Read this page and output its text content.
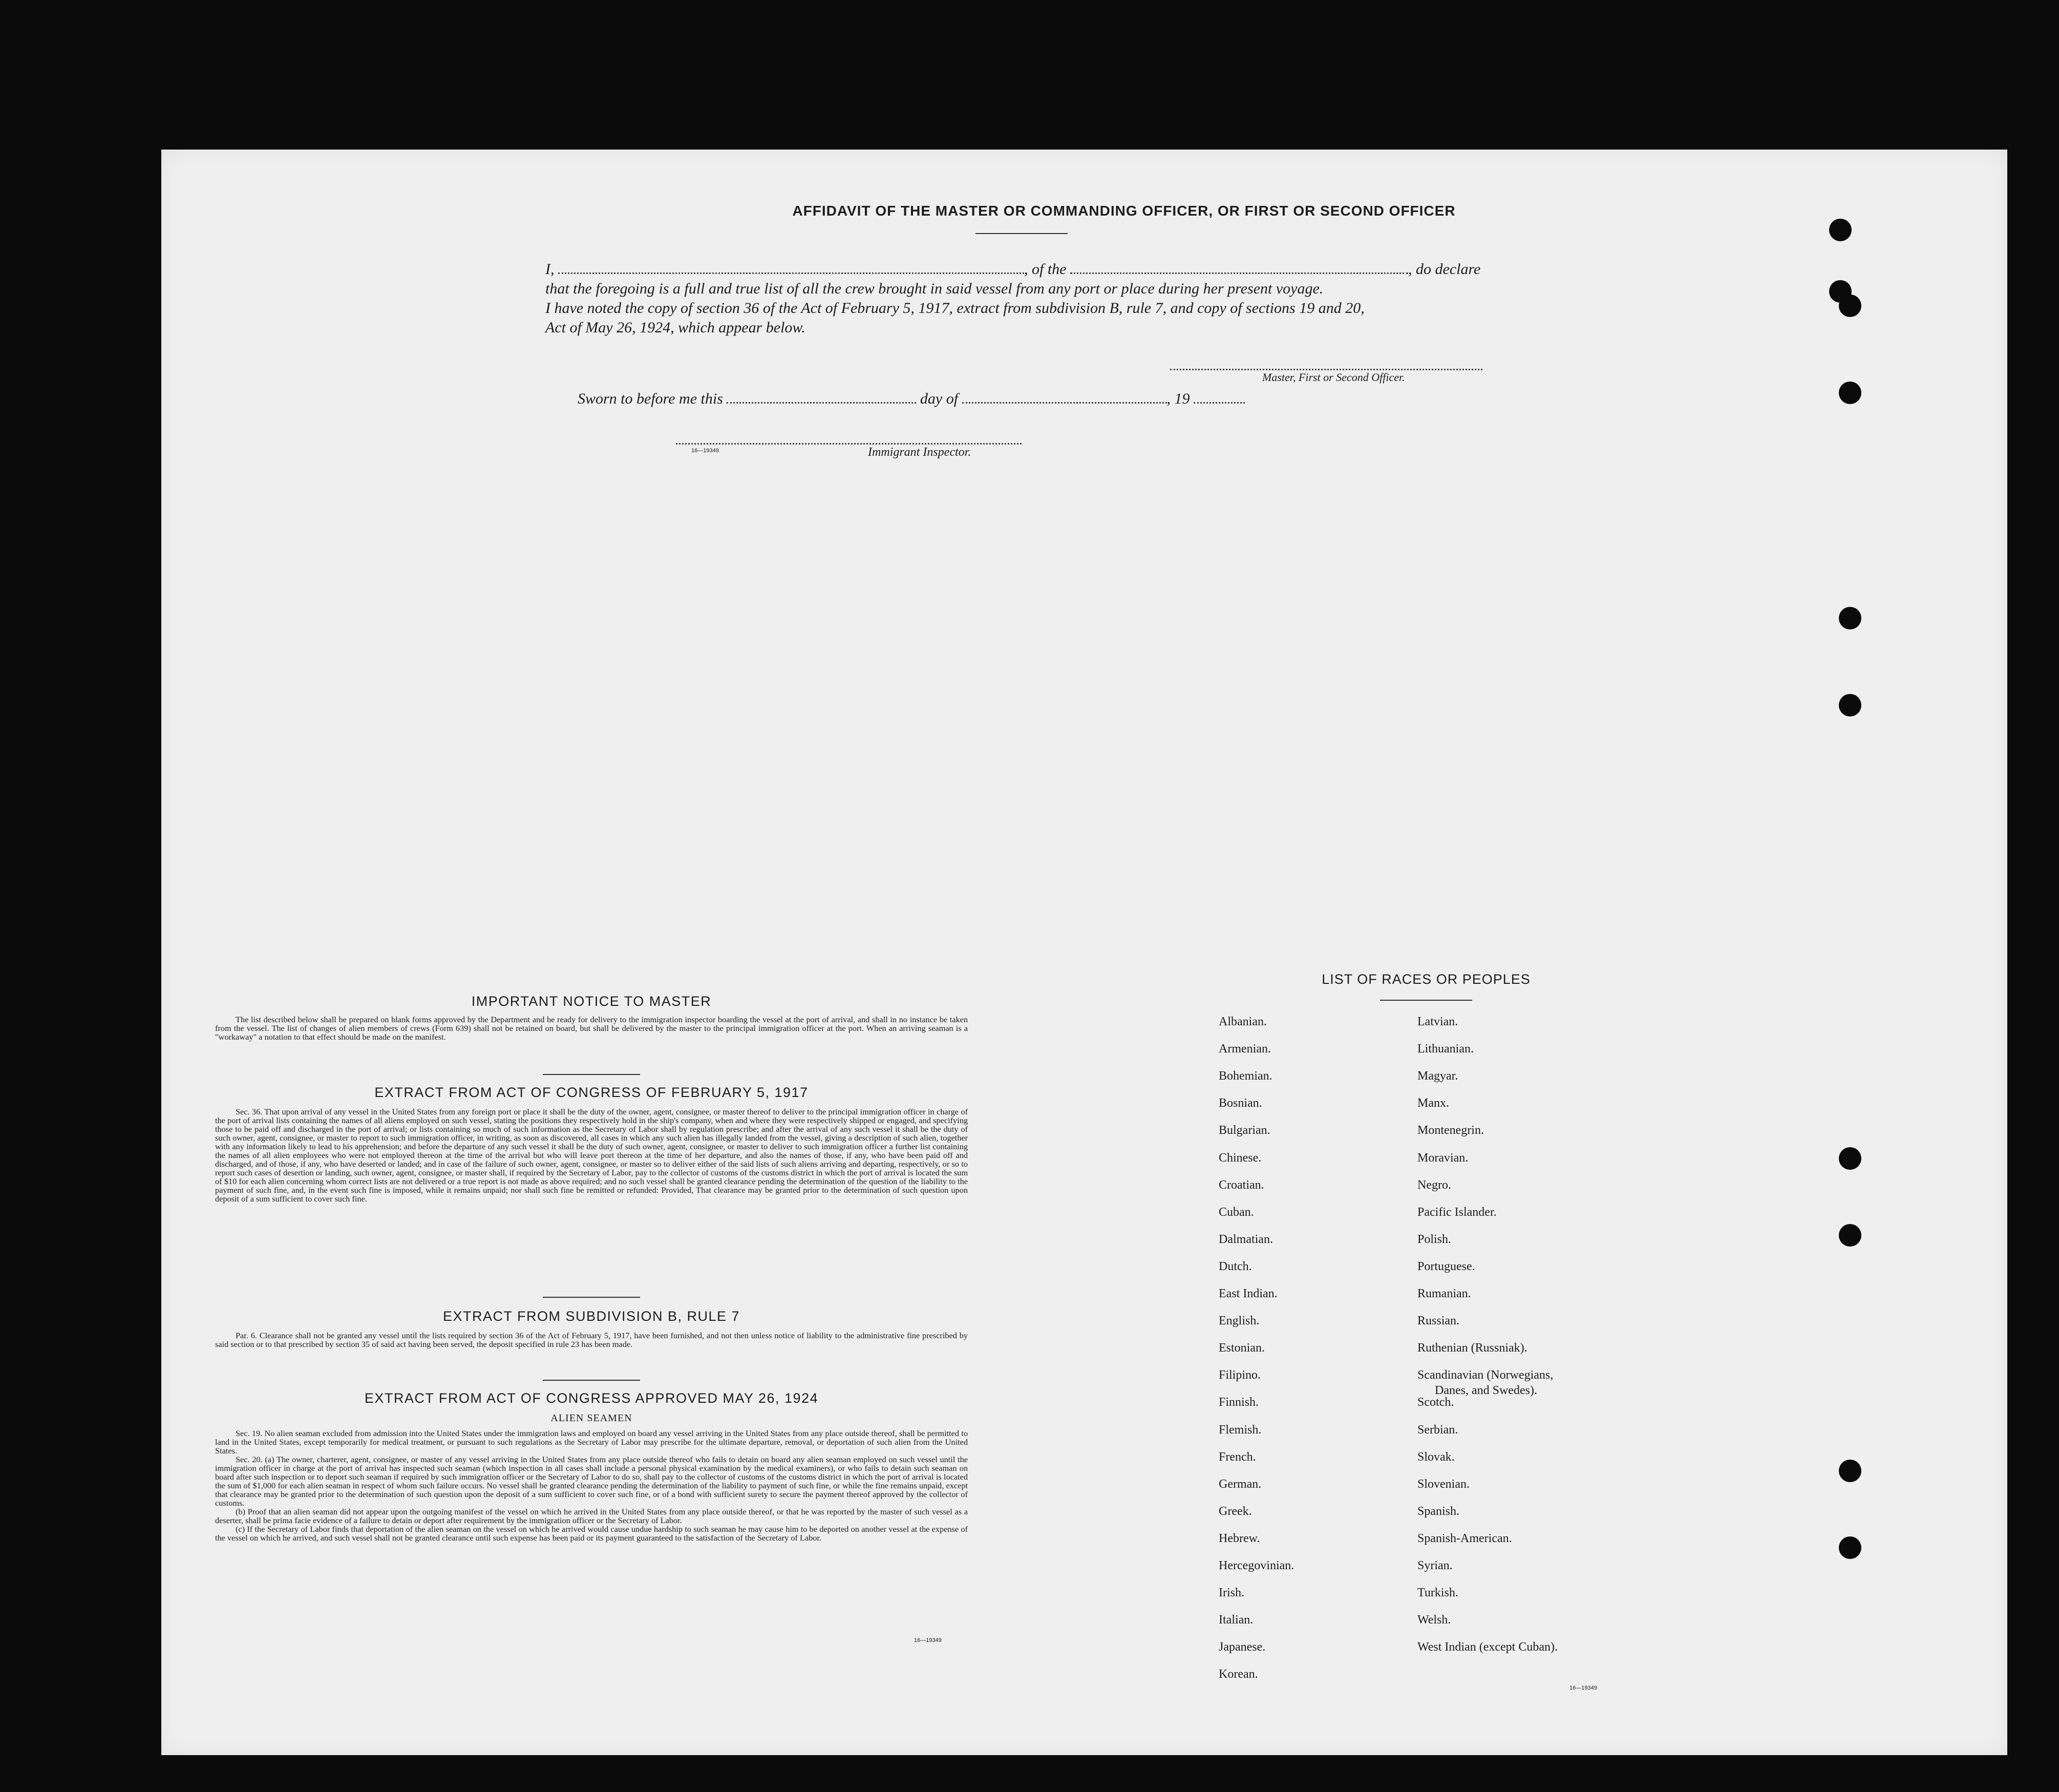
AFFIDAVIT OF THE MASTER OR COMMANDING OFFICER, OR FIRST OR SECOND OFFICER
I,	, of the	, do declare
that the foregoing is a full and true list of all the crew brought in said vessel from any port or place during her present voyage.
I have noted the copy of section 36 of the Act of February 5, 1917, extract from subdivision B, rule 7, and copy of sections 19 and 20,
Act of May 26, 1924, which appear below.
Master, First or Second Officer.
Sworn to before me this	day of	, 19
16—19349	Immigrant Inspector.
IMPORTANT NOTICE TO MASTER

The list described below shall be prepared on blank forms approved by the Department and be ready for delivery to the immigration inspector boarding the vessel at the port of arrival, and shall in no instance be taken from the vessel. The list of changes of alien members of crews (Form 639) shall not be retained on board, but shall be delivered by the master to the principal immigration officer at the port. When an arriving seaman is a "workaway" a notation to that effect should be made on the manifest.

EXTRACT FROM ACT OF CONGRESS OF FEBRUARY 5, 1917

Sec. 36. That upon arrival of any vessel in the United States from any foreign port or place it shall be the duty of the owner, agent, consignee, or master thereof to deliver to the principal immigration officer in charge of the port of arrival lists containing the names of all aliens employed on such vessel, stating the positions they respectively hold in the ship's company, when and where they were respectively shipped or engaged, and specifying those to be paid off and discharged in the port of arrival; or lists containing so much of such information as the Secretary of Labor shall by regulation prescribe; and after the arrival of any such vessel it shall be the duty of such owner, agent, consignee, or master to report to such immigration officer, in writing, as soon as discovered, all cases in which any such alien has illegally landed from the vessel, giving a description of such alien, together with any information likely to lead to his apprehension; and before the departure of any such vessel it shall be the duty of such owner, agent, consignee, or master to deliver to such immigration officer a further list containing the names of all alien employees who were not employed thereon at the time of the arrival but who will leave port thereon at the time of her departure, and also the names of those, if any, who have been paid off and discharged, and of those, if any, who have deserted or landed; and in case of the failure of such owner, agent, consignee, or master so to deliver either of the said lists of such aliens arriving and departing, respectively, or so to report such cases of desertion or landing, such owner, agent, consignee, or master shall, if required by the Secretary of Labor, pay to the collector of customs of the customs district in which the port of arrival is located the sum of $10 for each alien concerning whom correct lists are not delivered or a true report is not made as above required; and no such vessel shall be granted clearance pending the determination of the question of the liability to the payment of such fine, and, in the event such fine is imposed, while it remains unpaid; nor shall such fine be remitted or refunded: Provided, That clearance may be granted prior to the determination of such question upon deposit of a sum sufficient to cover such fine.

EXTRACT FROM SUBDIVISION B, RULE 7

Par. 6. Clearance shall not be granted any vessel until the lists required by section 36 of the Act of February 5, 1917, have been furnished, and not then unless notice of liability to the administrative fine prescribed by said section or to that prescribed by section 35 of said act having been served, the deposit specified in rule 23 has been made.

EXTRACT FROM ACT OF CONGRESS APPROVED MAY 26, 1924
ALIEN SEAMEN

Sec. 19. No alien seaman excluded from admission into the United States under the immigration laws and employed on board any vessel arriving in the United States from any place outside thereof, shall be permitted to land in the United States, except temporarily for medical treatment, or pursuant to such regulations as the Secretary of Labor may prescribe for the ultimate departure, removal, or deportation of such alien from the United States.

Sec. 20. (a) The owner, charterer, agent, consignee, or master of any vessel arriving in the United States from any place outside thereof who fails to detain on board any alien seaman employed on such vessel until the immigration officer in charge at the port of arrival has inspected such seaman (which inspection in all cases shall include a personal physical examination by the medical examiners), or who fails to detain such seaman on board after such inspection or to deport such seaman if required by such immigration officer or the Secretary of Labor to do so, shall pay to the collector of customs of the customs district in which the port of arrival is located the sum of $1,000 for each alien seaman in respect of whom such failure occurs. No vessel shall be granted clearance pending the determination of the liability to payment of such fine, or while the fine remains unpaid, except that clearance may be granted prior to the determination of such question upon the deposit of a sum sufficient to cover such fine, or of a bond with sufficient surety to secure the payment thereof approved by the collector of customs.

(b) Proof that an alien seaman did not appear upon the outgoing manifest of the vessel on which he arrived in the United States from any place outside thereof, or that he was reported by the master of such vessel as a deserter, shall be prima facie evidence of a failure to detain or deport after requirement by the immigration officer or the Secretary of Labor.

(c) If the Secretary of Labor finds that deportation of the alien seaman on the vessel on which he arrived would cause undue hardship to such seaman he may cause him to be deported on another vessel at the expense of the vessel on which he arrived, and such vessel shall not be granted clearance until such expense has been paid or its payment guaranteed to the satisfaction of the Secretary of Labor.

16—19349
LIST OF RACES OR PEOPLES
Albanian.
Armenian.
Bohemian.
Bosnian.
Bulgarian.
Chinese.
Croatian.
Cuban.
Dalmatian.
Dutch.
East Indian.
English.
Estonian.
Filipino.
Finnish.
Flemish.
French.
German.
Greek.
Hebrew.
Hercegovinian.
Irish.
Italian.
Japanese.
Korean.
Latvian.
Lithuanian.
Magyar.
Manx.
Montenegrin.
Moravian.
Negro.
Pacific Islander.
Polish.
Portuguese.
Rumanian.
Russian.
Ruthenian (Russniak).
Scandinavian (Norwegians,
Danes, and Swedes).
Scotch.
Serbian.
Slovak.
Slovenian.
Spanish.
Spanish-American.
Syrian.
Turkish.
Welsh.
West Indian (except Cuban).
16—19349
